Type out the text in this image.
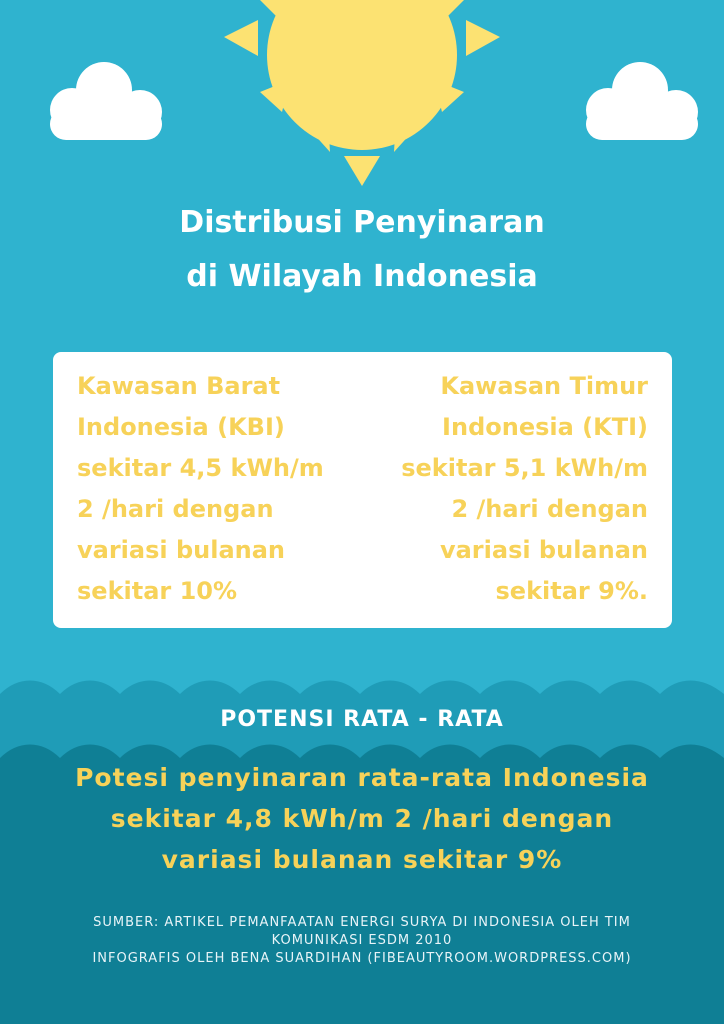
Distribusi Penyinaran
di Wilayah Indonesia
Kawasan Barat
Indonesia (KBI)
sekitar 4,5 kWh/m
2 /hari dengan
variasi bulanan
sekitar 10%
Kawasan Timur
Indonesia (KTI)
sekitar 5,1 kWh/m
2 /hari dengan
variasi bulanan
sekitar 9%.
POTENSI RATA - RATA
Potesi penyinaran rata-rata Indonesia
sekitar 4,8 kWh/m 2 /hari dengan
variasi bulanan sekitar 9%
SUMBER: ARTIKEL PEMANFAATAN ENERGI SURYA DI INDONESIA OLEH TIM
KOMUNIKASI ESDM 2010
INFOGRAFIS OLEH BENA SUARDIHAN (FIBEAUTYROOM.WORDPRESS.COM)
